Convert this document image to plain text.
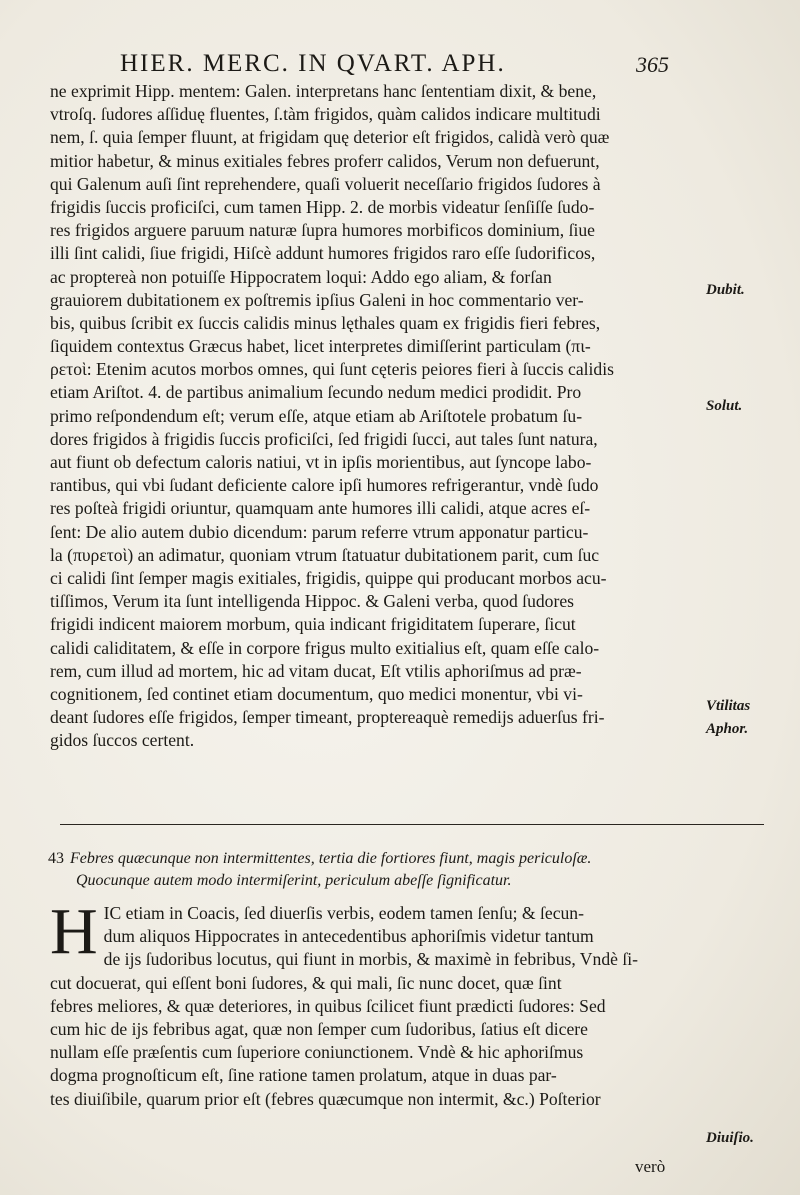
HIER. MERC. IN QVART. APH.	365
ne exprimit Hipp. mentem: Galen. interpretans hanc ſententiam dixit, & bene,
vtroſq. ſudores aſſiduę fluentes, ſ.tàm frigidos, quàm calidos indicare multitudi
nem, ſ. quia ſemper fluunt, at frigidam quę deterior eſt frigidos, calidà verò quæ
mitior habetur, & minus exitiales febres proferr calidos, Verum non defuerunt,
qui Galenum auſi ſint reprehendere, quaſi voluerit neceſſario frigidos ſudores à
frigidis ſuccis proficiſci, cum tamen Hipp. 2. de morbis videatur ſenſiſſe ſudo-
res frigidos arguere paruum naturæ ſupra humores morbificos dominium, ſiue
illi ſint calidi, ſiue frigidi, Hiſcè addunt humores frigidos raro eſſe ſudorificos,
ac proptereà non potuiſſe Hippocratem loqui: Addo ego aliam, & forſan
grauiorem dubitationem ex poſtremis ipſius Galeni in hoc commentario ver-
bis, quibus ſcribit ex ſuccis calidis minus lęthales quam ex frigidis fieri febres,
ſiquidem contextus Græcus habet, licet interpretes dimiſſerint particulam (πι-
ρετοὶ: Etenim acutos morbos omnes, qui ſunt cęteris peiores fieri à ſuccis calidis
etiam Ariſtot. 4. de partibus animalium ſecundo nedum medici prodidit. Pro
primo reſpondendum eſt; verum eſſe, atque etiam ab Ariſtotele probatum ſu-
dores frigidos à frigidis ſuccis proficiſci, ſed frigidi ſucci, aut tales ſunt natura,
aut fiunt ob defectum caloris natiui, vt in ipſis morientibus, aut ſyncope labo-
rantibus, qui vbi ſudant deficiente calore ipſi humores refrigerantur, vndè ſudo
res poſteà frigidi oriuntur, quamquam ante humores illi calidi, atque acres eſ-
ſent: De alio autem dubio dicendum: parum referre vtrum apponatur particu-
la (πυρετοὶ) an adimatur, quoniam vtrum ſtatuatur dubitationem parit, cum ſuc
ci calidi ſint ſemper magis exitiales, frigidis, quippe qui producant morbos acu-
tiſſimos, Verum ita ſunt intelligenda Hippoc. & Galeni verba, quod ſudores
frigidi indicent maiorem morbum, quia indicant frigiditatem ſuperare, ſicut
calidi caliditatem, & eſſe in corpore frigus multo exitialius eſt, quam eſſe calo-
rem, cum illud ad mortem, hic ad vitam ducat, Eſt vtilis aphoriſmus ad præ-
cognitionem, ſed continet etiam documentum, quo medici monentur, vbi vi-
deant ſudores eſſe frigidos, ſemper timeant, proptereaquè remedijs aduerſus fri-
gidos ſuccos certent.
Dubit.
Solut.
Vtilitas
Aphor.
43 Febres quæcunque non intermittentes, tertia die fortiores fiunt, magis periculoſæ.
Quocunque autem modo intermiſerint, periculum abeſſe ſignificatur.
H IC etiam in Coacis, ſed diuerſis verbis, eodem tamen ſenſu; & ſecun-
dum aliquos Hippocrates in antecedentibus aphoriſmis videtur tantum
de ijs ſudoribus locutus, qui fiunt in morbis, & maximè in febribus, Vndè ſi-
cut docuerat, qui eſſent boni ſudores, & qui mali, ſic nunc docet, quæ ſint
febres meliores, & quæ deteriores, in quibus ſcilicet fiunt prædicti ſudores: Sed
cum hic de ijs febribus agat, quæ non ſemper cum ſudoribus, ſatius eſt dicere
nullam eſſe præſentis cum ſuperiore coniunctionem. Vndè & hic aphoriſmus
dogma prognoſticum eſt, ſine ratione tamen prolatum, atque in duas par-
tes diuiſibile, quarum prior eſt (febres quæcumque non intermit, &c.) Poſterior
Diuiſio.
verò
